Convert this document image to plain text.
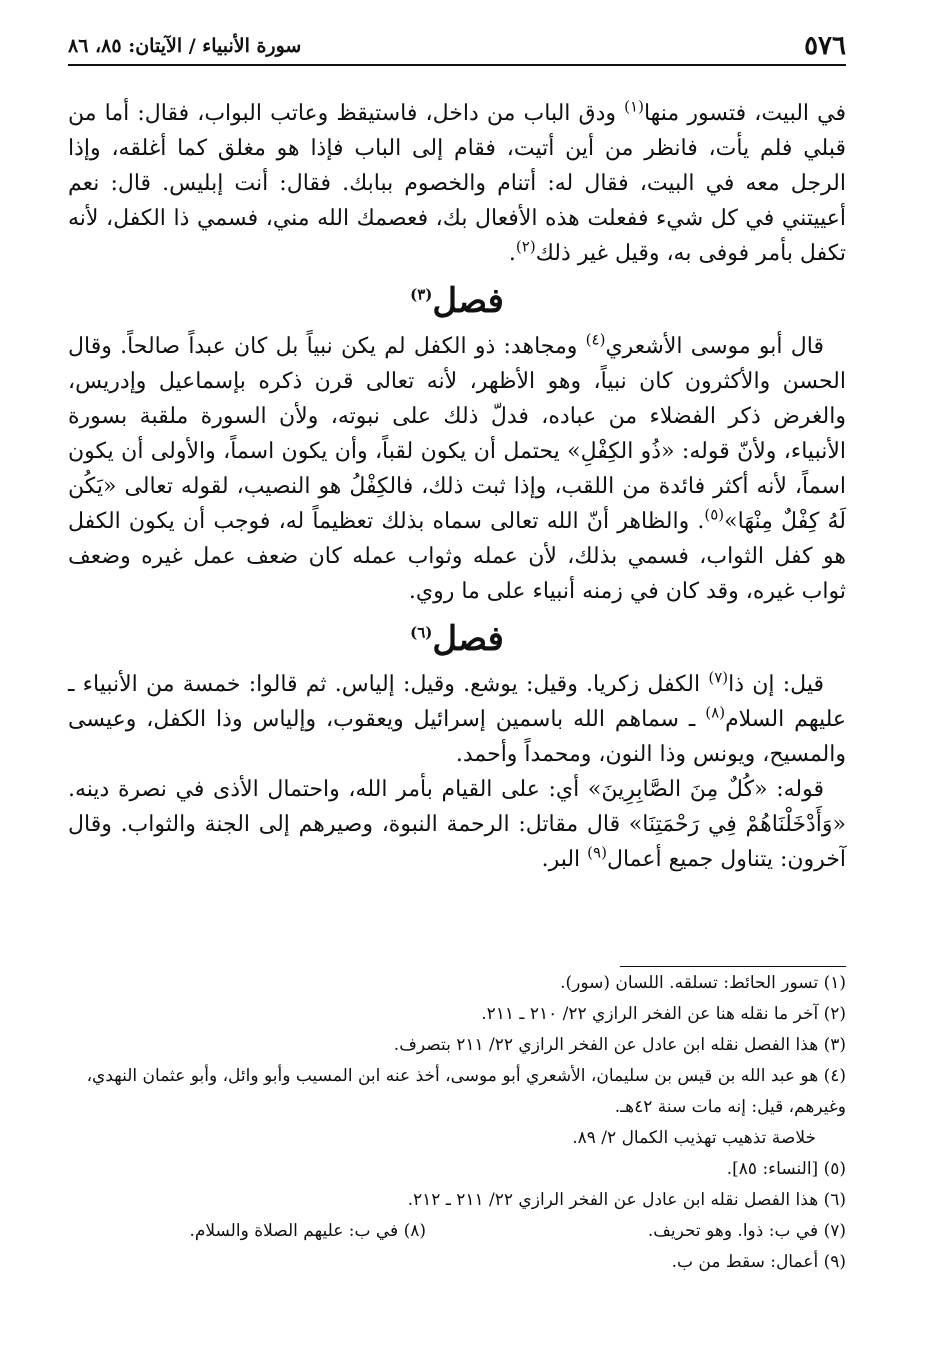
٥٧٦
سورة الأنبياء / الآيتان: ٨٥، ٨٦

في البيت، فتسور منها$^{(١)}$ ودق الباب من داخل، فاستيقظ وعاتب البواب، فقال: أما من قبلي فلم يأت، فانظر من أين أتيت، فقام إلى الباب فإذا هو مغلق كما أغلقه، وإذا الرجل معه في البيت، فقال له: أتنام والخصوم ببابك. فقال: أنت إبليس. قال: نعم أعييتني في كل شيء ففعلت هذه الأفعال بك، فعصمك الله مني، فسمي ذا الكفل، لأنه تكفل بأمر فوفى به، وقيل غير ذلك$^{(٢)}$.

فصل$^{(٣)}$

قال أبو موسى الأشعري$^{(٤)}$ ومجاهد: ذو الكفل لم يكن نبياً بل كان عبداً صالحاً. وقال الحسن والأكثرون كان نبياً، وهو الأظهر، لأنه تعالى قرن ذكره بإسماعيل وإدريس، والغرض ذكر الفضلاء من عباده، فدلّ ذلك على نبوته، ولأن السورة ملقبة بسورة الأنبياء، ولأنّ قوله: «ذُو الكِفْلِ» يحتمل أن يكون لقباً، وأن يكون اسماً، والأولى أن يكون اسماً، لأنه أكثر فائدة من اللقب، وإذا ثبت ذلك، فالكِفْلُ هو النصيب، لقوله تعالى «يَكُن لَهُ كِفْلٌ مِنْهَا»$^{(٥)}$. والظاهر أنّ الله تعالى سماه بذلك تعظيماً له، فوجب أن يكون الكفل هو كفل الثواب، فسمي بذلك، لأن عمله وثواب عمله كان ضعف عمل غيره وضعف ثواب غيره، وقد كان في زمنه أنبياء على ما روي.

فصل$^{(٦)}$

قيل: إن ذا$^{(٧)}$ الكفل زكريا. وقيل: يوشع. وقيل: إلياس. ثم قالوا: خمسة من الأنبياء ـ عليهم السلام$^{(٨)}$ ـ سماهم الله باسمين إسرائيل ويعقوب، وإلياس وذا الكفل، وعيسى والمسيح، ويونس وذا النون، ومحمداً وأحمد.

قوله: «كُلٌ مِنَ الصَّابِرِينَ» أي: على القيام بأمر الله، واحتمال الأذى في نصرة دينه. «وَأَدْخَلْنَاهُمْ فِي رَحْمَتِنَا» قال مقاتل: الرحمة النبوة، وصيرهم إلى الجنة والثواب. وقال آخرون: يتناول جميع أعمال$^{(٩)}$ البر.

(١) تسور الحائط: تسلقه. اللسان (سور).

(٢) آخر ما نقله هنا عن الفخر الرازي ٢٢/ ٢١٠ ـ ٢١١.

(٣) هذا الفصل نقله ابن عادل عن الفخر الرازي ٢٢/ ٢١١ بتصرف.

(٤) هو عبد الله بن قيس بن سليمان، الأشعري أبو موسى، أخذ عنه ابن المسيب وأبو وائل، وأبو عثمان النهدي، وغيرهم، قيل: إنه مات سنة ٤٢هـ.

خلاصة تذهيب تهذيب الكمال ٢/ ٨٩.

(٥) [النساء: ٨٥].

(٦) هذا الفصل نقله ابن عادل عن الفخر الرازي ٢٢/ ٢١١ ـ ٢١٢.

(٧) في ب: ذوا. وهو تحريف.
(٨) في ب: عليهم الصلاة والسلام.

(٩) أعمال: سقط من ب.
